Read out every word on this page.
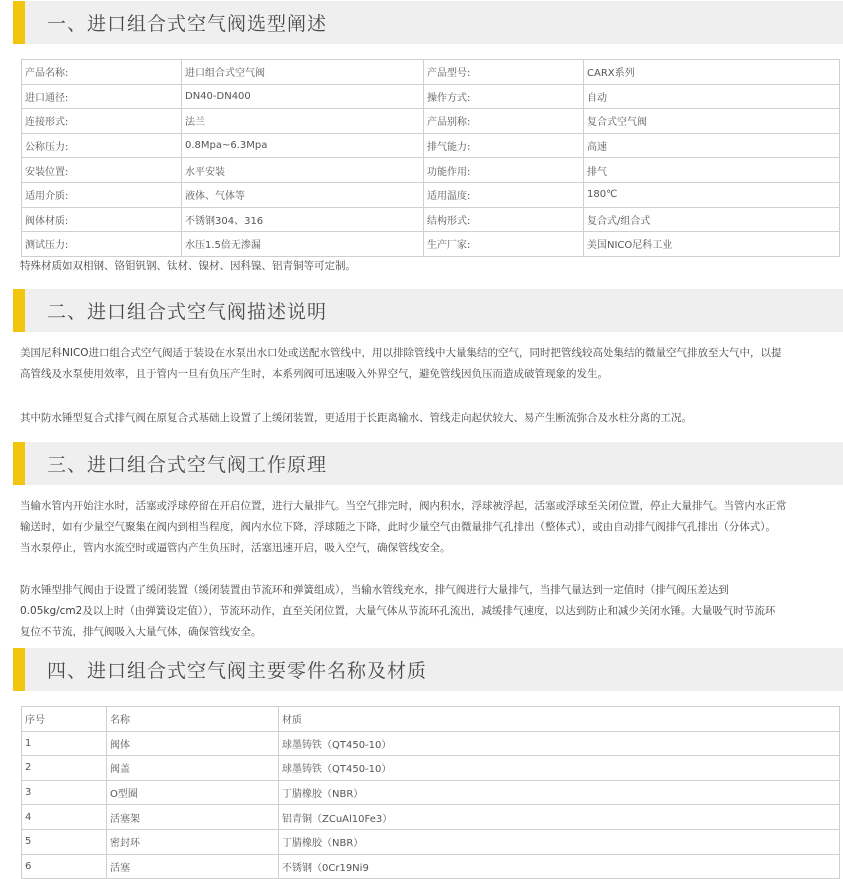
一、进口组合式空气阀选型阐述
产品名称:	进口组合式空气阀	产品型号:	CARX系列
进口通径:	DN40-DN400	操作方式:	自动
连接形式:	法兰	产品别称:	复合式空气阀
公称压力:	0.8Mpa~6.3Mpa	排气能力:	高速
安装位置:	水平安装	功能作用:	排气
适用介质:	液体、气体等	适用温度:	180℃
阀体材质:	不锈钢304、316	结构形式:	复合式/组合式
测试压力:	水压1.5倍无渗漏	生产厂家:	美国NICO尼科工业
特殊材质如双相钢、铬钼钒钢、钛材、镍材、因科镍、铝青铜等可定制。
二、进口组合式空气阀描述说明
美国尼科NICO进口组合式空气阀适于装设在水泵出水口处或送配水管线中，用以排除管线中大量集结的空气，同时把管线较高处集结的微量空气排放至大气中，以提
高管线及水泵使用效率，且于管内一旦有负压产生时，本系列阀可迅速吸入外界空气，避免管线因负压而造成破管现象的发生。
其中防水锤型复合式排气阀在原复合式基础上设置了上缓闭装置，更适用于长距离输水、管线走向起伏较大、易产生断流弥合及水柱分离的工况。
三、进口组合式空气阀工作原理
当输水管内开始注水时，活塞或浮球停留在开启位置，进行大量排气。当空气排完时，阀内积水，浮球被浮起，活塞或浮球至关闭位置，停止大量排气。当管内水正常
输送时，如有少量空气聚集在阀内到相当程度，阀内水位下降，浮球随之下降，此时少量空气由微量排气孔排出（整体式），或由自动排气阀排气孔排出（分体式）。
当水泵停止，管内水流空时或逼管内产生负压时，活塞迅速开启，吸入空气，确保管线安全。
防水锤型排气阀由于设置了缓闭装置（缓闭装置由节流环和弹簧组成），当输水管线充水，排气阀进行大量排气，当排气量达到一定值时（排气阀压差达到
0.05kg/cm2及以上时（由弹簧设定值）），节流环动作，直至关闭位置，大量气体从节流环孔流出，减缓排气速度，以达到防止和减少关闭水锤。大量吸气时节流环
复位不节流，排气阀吸入大量气体，确保管线安全。
四、进口组合式空气阀主要零件名称及材质
序号	名称	材质
1	阀体	球墨铸铁（QT450-10）
2	阀盖	球墨铸铁（QT450-10）
3	O型圈	丁腈橡胶（NBR）
4	活塞架	铝青铜（ZCuAl10Fe3）
5	密封环	丁腈橡胶（NBR）
6	活塞	不锈钢（0Cr19Ni9
